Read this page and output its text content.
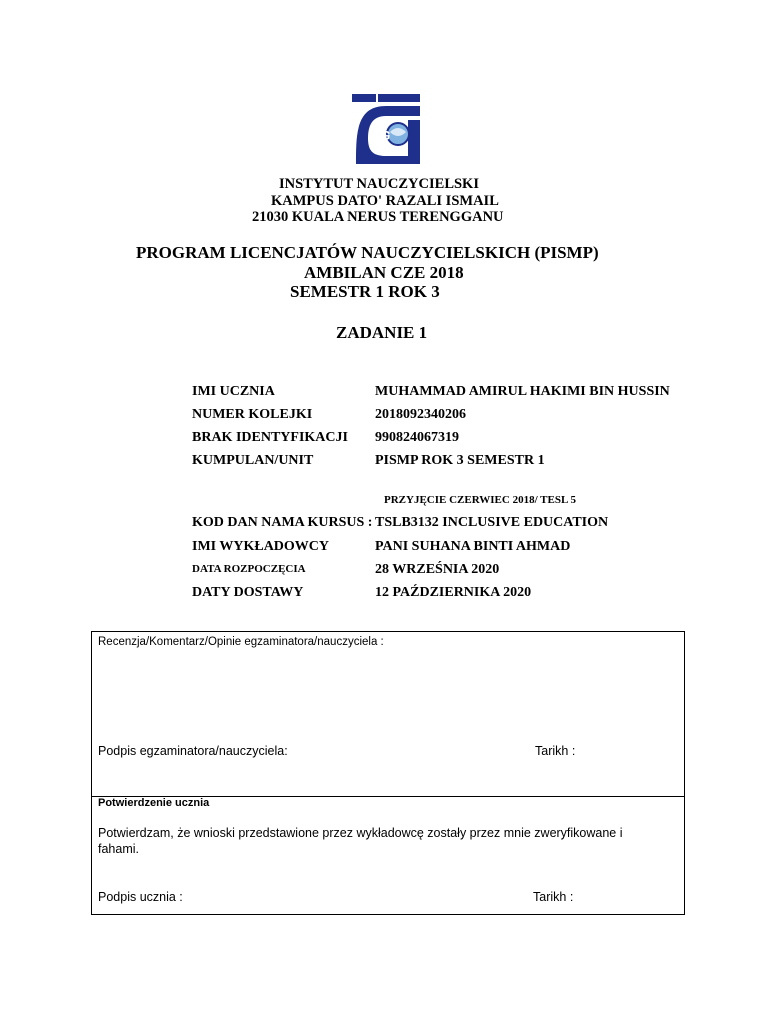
iPG
INSTYTUT NAUCZYCIELSKI
KAMPUS DATO' RAZALI ISMAIL
21030 KUALA NERUS TERENGGANU
PROGRAM LICENCJATÓW NAUCZYCIELSKICH (PISMP)
AMBILAN CZE 2018
SEMESTR 1 ROK 3
ZADANIE 1
IMI UCZNIA	MUHAMMAD AMIRUL HAKIMI BIN HUSSIN
NUMER KOLEJKI	2018092340206
BRAK IDENTYFIKACJI 990824067319
KUMPULAN/UNIT	PISMP ROK 3 SEMESTR 1
PRZYJĘCIE CZERWIEC 2018/ TESL 5
KOD DAN NAMA KURSUS : TSLB3132 INCLUSIVE EDUCATION
IMI WYKŁADOWCY	PANI SUHANA BINTI AHMAD
DATA ROZPOCZĘCIA	28 WRZEŚNIA 2020
DATY DOSTAWY	12 PAŹDZIERNIKA 2020
Recenzja/Komentarz/Opinie egzaminatora/nauczyciela :
Podpis egzaminatora/nauczyciela:	Tarikh :
Potwierdzenie ucznia
Potwierdzam, że wnioski przedstawione przez wykładowcę zostały przez mnie zweryfikowane i
fahami.
Podpis ucznia :	Tarikh :
